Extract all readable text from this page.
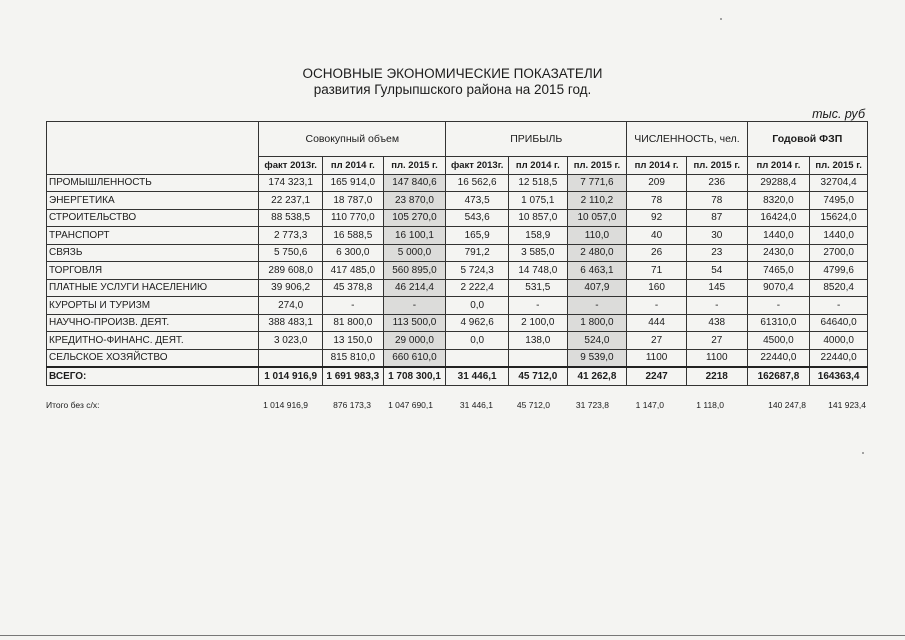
ОСНОВНЫЕ ЭКОНОМИЧЕСКИЕ ПОКАЗАТЕЛИ
развития Гулрыпшского района на 2015 год.
тыс. руб
	Совокупный объем			ПРИБЫЛЬ			ЧИСЛЕННОСТЬ, чел.		Годовой ФЗП	
	факт 2013г.	пл 2014 г.	пл. 2015 г.	факт 2013г.	пл 2014 г.	пл. 2015 г.	пл 2014 г.	пл. 2015 г.	пл 2014 г.	пл. 2015 г.
ПРОМЫШЛЕННОСТЬ	174 323,1	165 914,0	147 840,6	16 562,6	12 518,5	7 771,6	209	236	29288,4	32704,4
ЭНЕРГЕТИКА	22 237,1	18 787,0	23 870,0	473,5	1 075,1	2 110,2	78	78	8320,0	7495,0
СТРОИТЕЛЬСТВО	88 538,5	110 770,0	105 270,0	543,6	10 857,0	10 057,0	92	87	16424,0	15624,0
ТРАНСПОРТ	2 773,3	16 588,5	16 100,1	165,9	158,9	110,0	40	30	1440,0	1440,0
СВЯЗЬ	5 750,6	6 300,0	5 000,0	791,2	3 585,0	2 480,0	26	23	2430,0	2700,0
ТОРГОВЛЯ	289 608,0	417 485,0	560 895,0	5 724,3	14 748,0	6 463,1	71	54	7465,0	4799,6
ПЛАТНЫЕ УСЛУГИ НАСЕЛЕНИЮ	39 906,2	45 378,8	46 214,4	2 222,4	531,5	407,9	160	145	9070,4	8520,4
КУРОРТЫ И ТУРИЗМ	274,0	-	-	0,0	-	-	-	-	-	-
НАУЧНО-ПРОИЗВ. ДЕЯТ.	388 483,1	81 800,0	113 500,0	4 962,6	2 100,0	1 800,0	444	438	61310,0	64640,0
КРЕДИТНО-ФИНАНС. ДЕЯТ.	3 023,0	13 150,0	29 000,0	0,0	138,0	524,0	27	27	4500,0	4000,0
СЕЛЬСКОЕ ХОЗЯЙСТВО		815 810,0	660 610,0			9 539,0	1100	1100	22440,0	22440,0
ВСЕГО:	1 014 916,9	1 691 983,3	1 708 300,1	31 446,1	45 712,0	41 262,8	2247	2218	162687,8	164363,4
Итого без с/х:	1 014 916,9	876 173,3	1 047 690,1	31 446,1	45 712,0	31 723,8	1 147,0	1 118,0	140 247,8	141 923,4
